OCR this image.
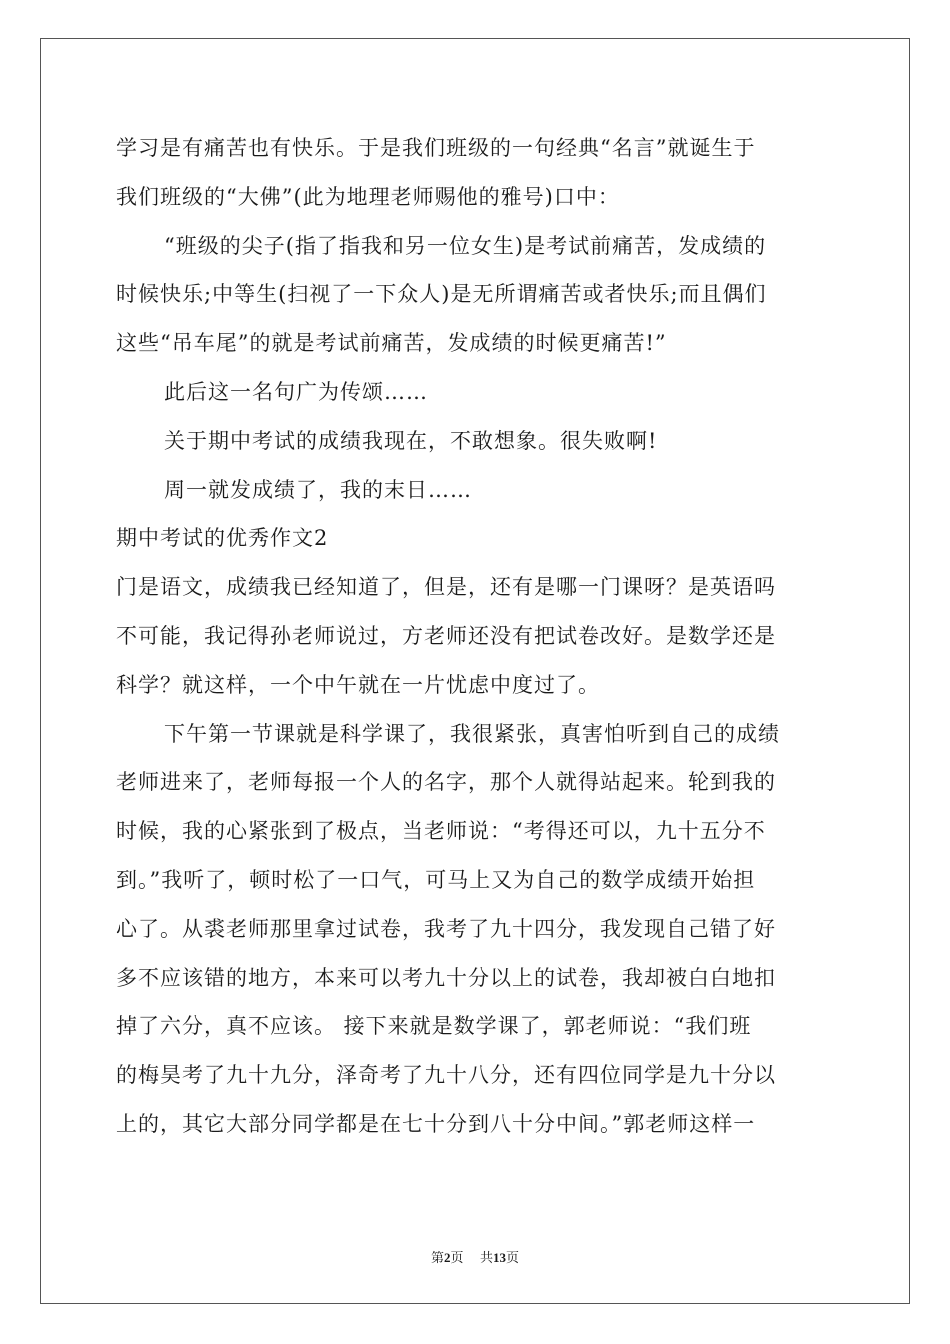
学习是有痛苦也有快乐。于是我们班级的一句经典“名言”就诞生于
我们班级的“大佛”(此为地理老师赐他的雅号)口中：
“班级的尖子(指了指我和另一位女生)是考试前痛苦，发成绩的
时候快乐;中等生(扫视了一下众人)是无所谓痛苦或者快乐;而且偶们
这些“吊车尾”的就是考试前痛苦，发成绩的时候更痛苦!”
此后这一名句广为传颂……
关于期中考试的成绩我现在，不敢想象。很失败啊!
周一就发成绩了，我的末日……
期中考试的优秀作文2
门是语文，成绩我已经知道了，但是，还有是哪一门课呀？是英语吗
不可能，我记得孙老师说过，方老师还没有把试卷改好。是数学还是
科学？就这样，一个中午就在一片忧虑中度过了。
下午第一节课就是科学课了，我很紧张，真害怕听到自己的成绩
老师进来了，老师每报一个人的名字，那个人就得站起来。轮到我的
时候，我的心紧张到了极点，当老师说：“考得还可以，九十五分不
到。”我听了，顿时松了一口气，可马上又为自己的数学成绩开始担
心了。从裘老师那里拿过试卷，我考了九十四分，我发现自己错了好
多不应该错的地方，本来可以考九十分以上的试卷，我却被白白地扣
掉了六分，真不应该。 接下来就是数学课了，郭老师说：“我们班
的梅昊考了九十九分，泽奇考了九十八分，还有四位同学是九十分以
上的，其它大部分同学都是在七十分到八十分中间。”郭老师这样一
第2页 共13页
